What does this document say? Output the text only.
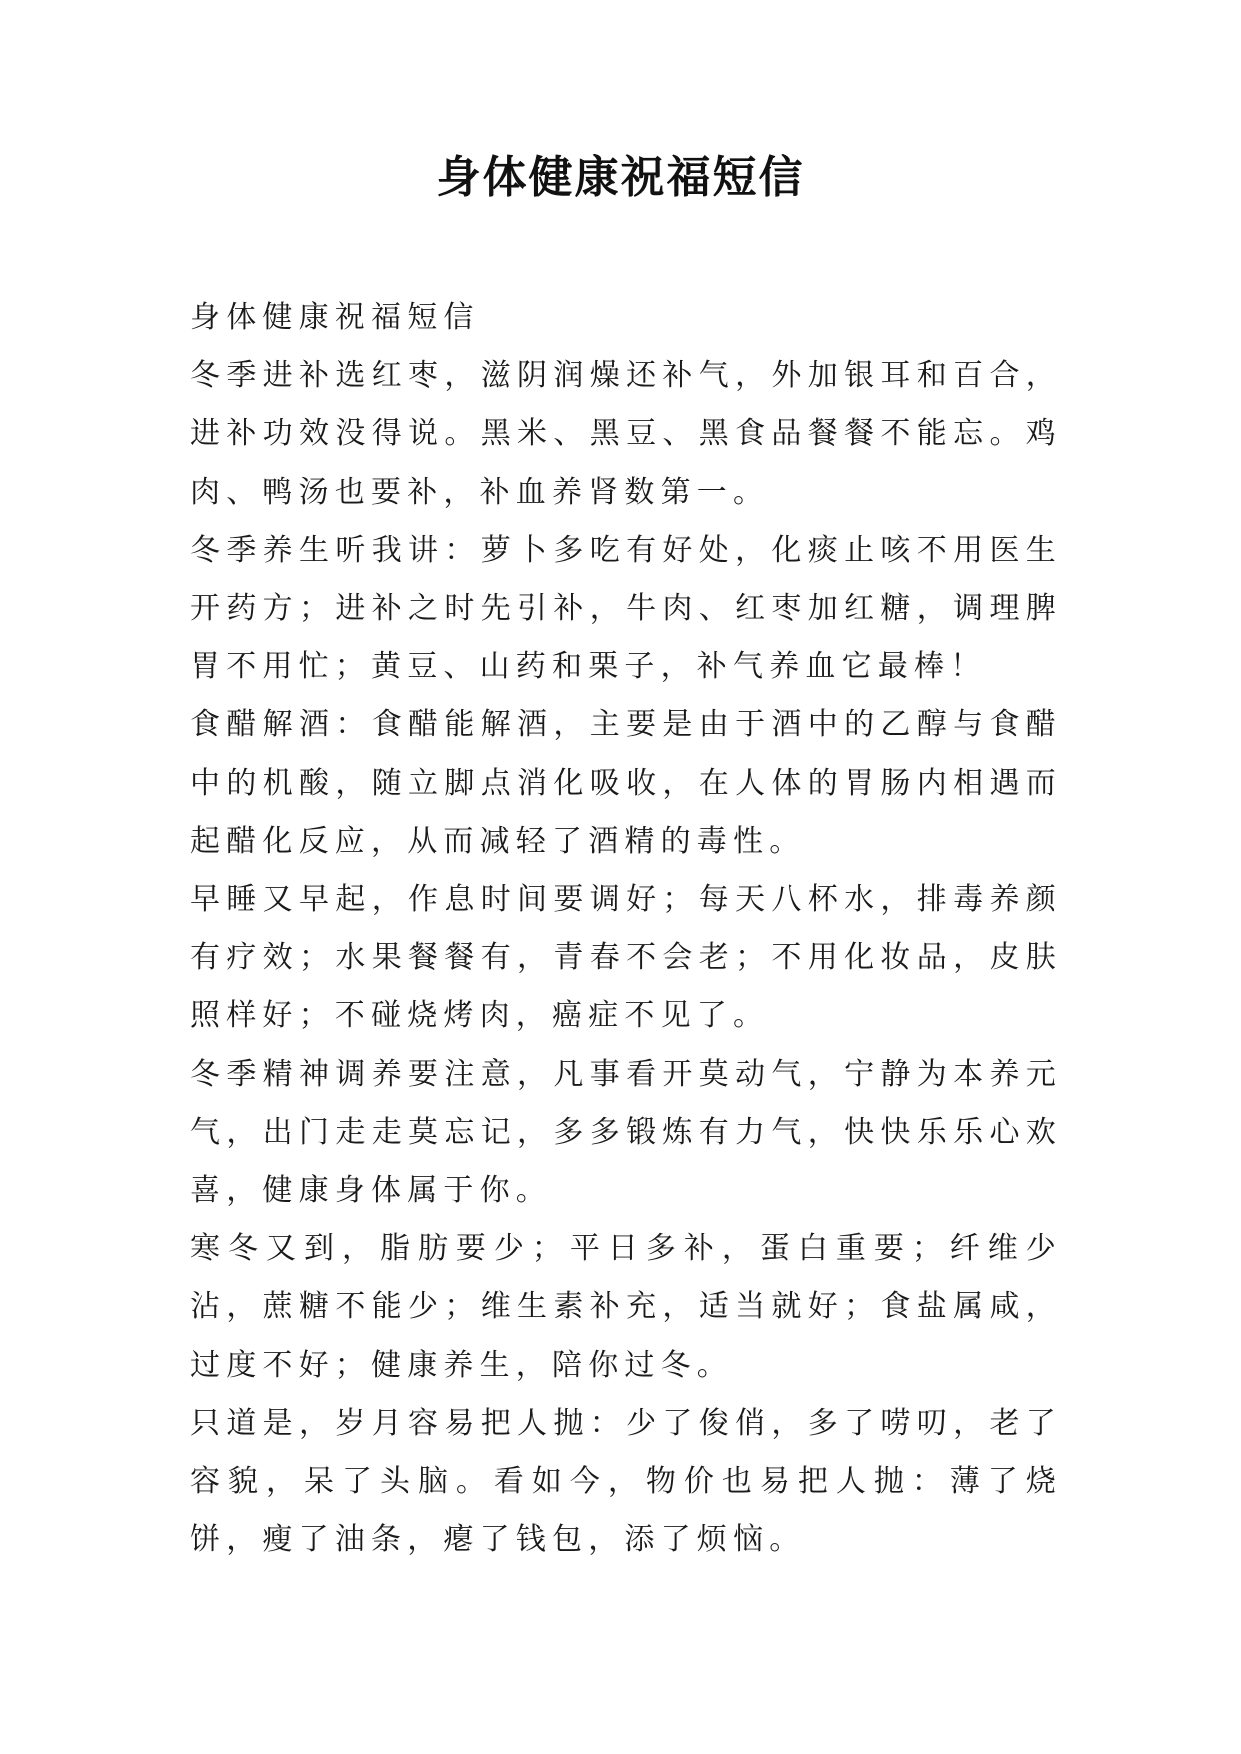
身体健康祝福短信

身体健康祝福短信

冬季进补选红枣，滋阴润燥还补气，外加银耳和百合，进补功效没得说。黑米、黑豆、黑食品餐餐不能忘。鸡肉、鸭汤也要补，补血养肾数第一。

冬季养生听我讲：萝卜多吃有好处，化痰止咳不用医生开药方；进补之时先引补，牛肉、红枣加红糖，调理脾胃不用忙；黄豆、山药和栗子，补气养血它最棒！

食醋解酒：食醋能解酒，主要是由于酒中的乙醇与食醋中的机酸，随立脚点消化吸收，在人体的胃肠内相遇而起醋化反应，从而减轻了酒精的毒性。

早睡又早起，作息时间要调好；每天八杯水，排毒养颜有疗效；水果餐餐有，青春不会老；不用化妆品，皮肤照样好；不碰烧烤肉，癌症不见了。

冬季精神调养要注意，凡事看开莫动气，宁静为本养元气，出门走走莫忘记，多多锻炼有力气，快快乐乐心欢喜，健康身体属于你。

寒冬又到，脂肪要少；平日多补，蛋白重要；纤维少沾，蔗糖不能少；维生素补充，适当就好；食盐属咸，过度不好；健康养生，陪你过冬。

只道是，岁月容易把人抛：少了俊俏，多了唠叨，老了容貌，呆了头脑。看如今，物价也易把人抛：薄了烧饼，瘦了油条，瘪了钱包，添了烦恼。
